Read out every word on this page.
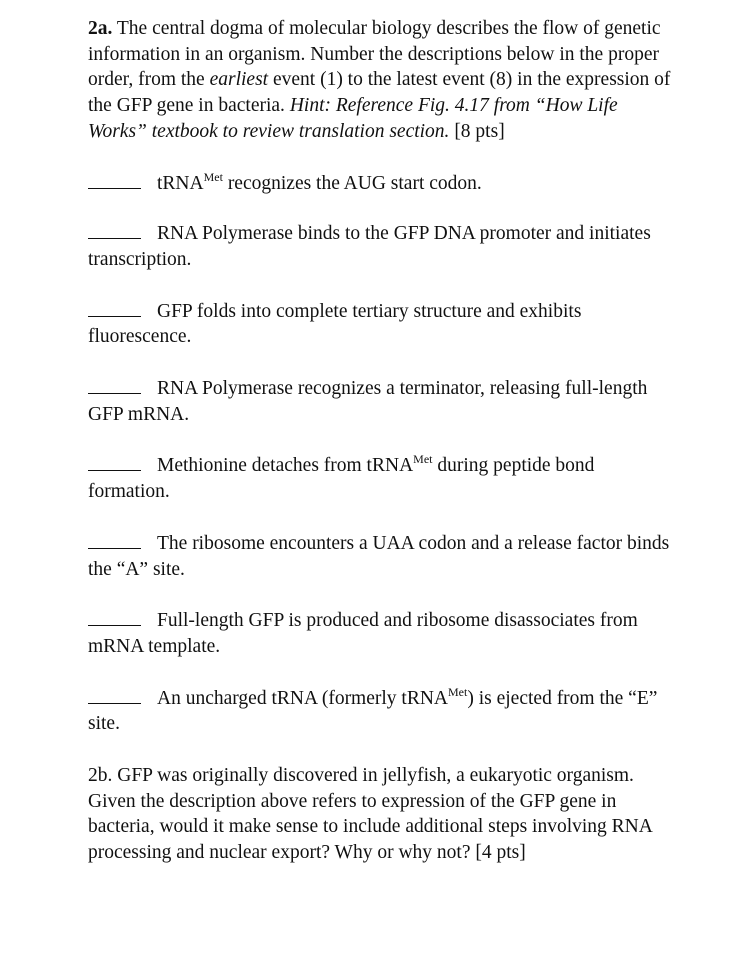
2a. The central dogma of molecular biology describes the flow of genetic information in an organism. Number the descriptions below in the proper order, from the earliest event (1) to the latest event (8) in the expression of the GFP gene in bacteria. Hint: Reference Fig. 4.17 from “How Life Works” textbook to review translation section. [8 pts]

tRNA$^{Met}$ recognizes the AUG start codon.

RNA Polymerase binds to the GFP DNA promoter and initiates transcription.

GFP folds into complete tertiary structure and exhibits fluorescence.

RNA Polymerase recognizes a terminator, releasing full-length GFP mRNA.

Methionine detaches from tRNA$^{Met}$ during peptide bond formation.

The ribosome encounters a UAA codon and a release factor binds the “A” site.

Full-length GFP is produced and ribosome disassociates from mRNA template.

An uncharged tRNA (formerly tRNA$^{Met}$) is ejected from the “E” site.

2b. GFP was originally discovered in jellyfish, a eukaryotic organism. Given the description above refers to expression of the GFP gene in bacteria, would it make sense to include additional steps involving RNA processing and nuclear export? Why or why not? [4 pts]
